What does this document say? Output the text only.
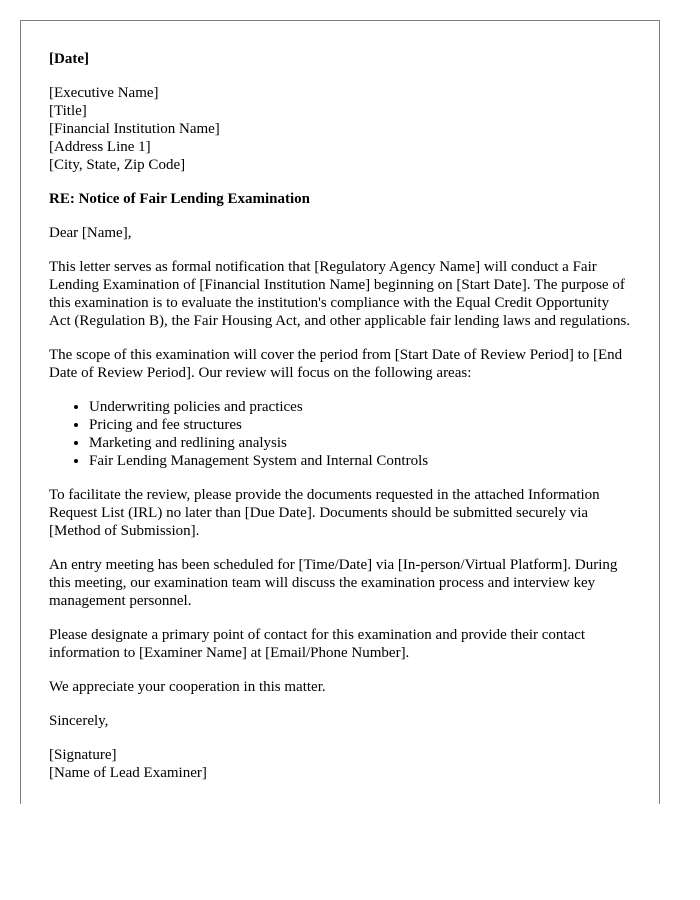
[Date]
[Executive Name]
[Title]
[Financial Institution Name]
[Address Line 1]
[City, State, Zip Code]
RE: Notice of Fair Lending Examination

Dear [Name],

This letter serves as formal notification that [Regulatory Agency Name] will conduct a Fair Lending Examination of [Financial Institution Name] beginning on [Start Date]. The purpose of this examination is to evaluate the institution's compliance with the Equal Credit Opportunity Act (Regulation B), the Fair Housing Act, and other applicable fair lending laws and regulations.

The scope of this examination will cover the period from [Start Date of Review Period] to [End Date of Review Period]. Our review will focus on the following areas:

• Underwriting policies and practices
• Pricing and fee structures
• Marketing and redlining analysis
• Fair Lending Management System and Internal Controls

To facilitate the review, please provide the documents requested in the attached Information Request List (IRL) no later than [Due Date]. Documents should be submitted securely via [Method of Submission].

An entry meeting has been scheduled for [Time/Date] via [In-person/Virtual Platform]. During this meeting, our examination team will discuss the examination process and interview key management personnel.

Please designate a primary point of contact for this examination and provide their contact information to [Examiner Name] at [Email/Phone Number].

We appreciate your cooperation in this matter.

Sincerely,
[Signature]
[Name of Lead Examiner]
